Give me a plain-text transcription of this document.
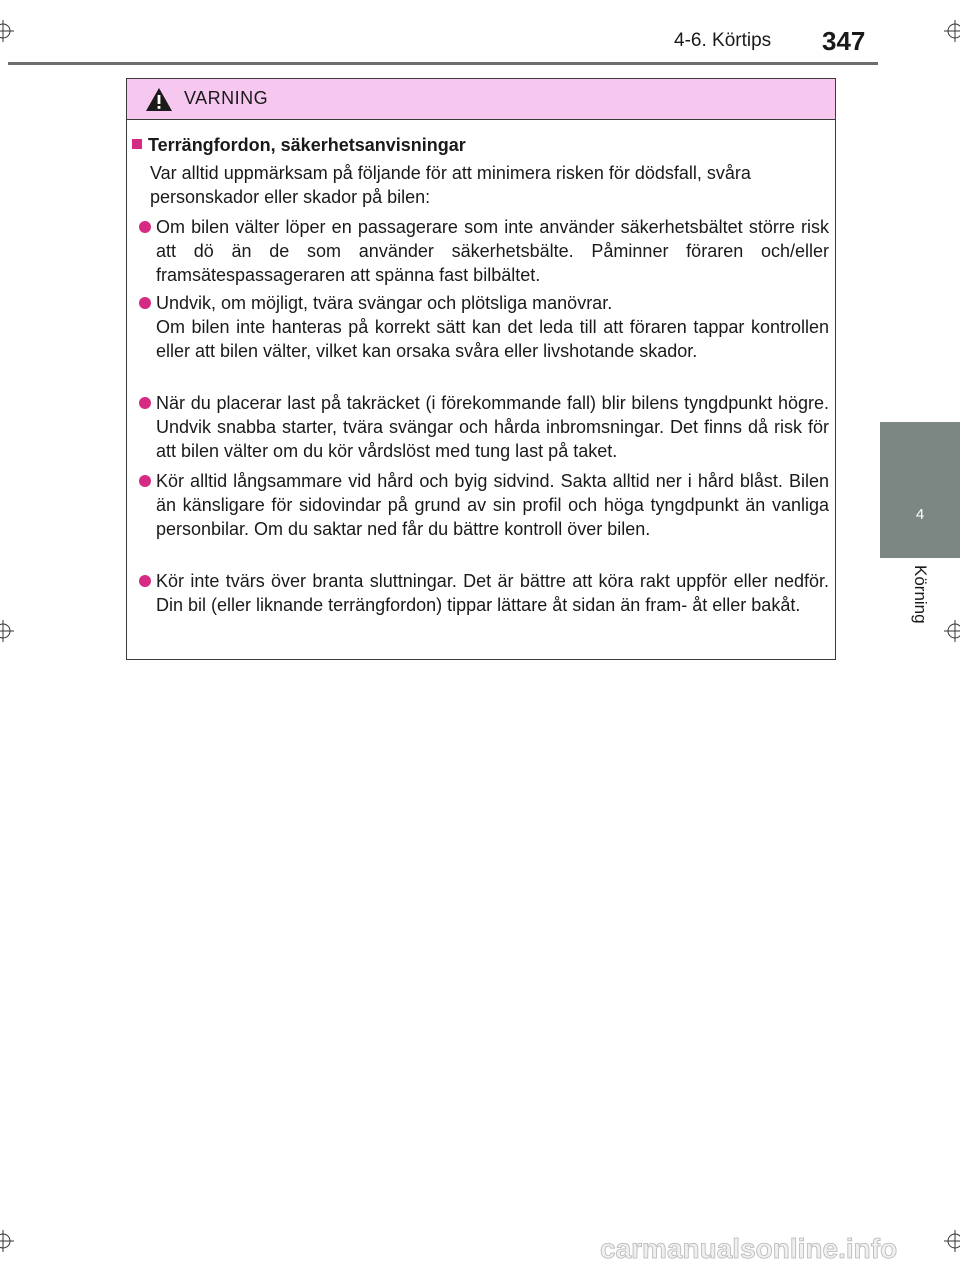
4-6. Körtips 347
4
Körning
VARNING
Terrängfordon, säkerhetsanvisningar
Var alltid uppmärksam på följande för att minimera risken för dödsfall, svåra personskador eller skador på bilen:
Om bilen välter löper en passagerare som inte använder säkerhetsbältet större risk att dö än de som använder säkerhetsbälte. Påminner föraren och/eller framsätespassageraren att spänna fast bilbältet.
Undvik, om möjligt, tvära svängar och plötsliga manövrar.
Om bilen inte hanteras på korrekt sätt kan det leda till att föraren tappar kontrollen eller att bilen välter, vilket kan orsaka svåra eller livshotande skador.
När du placerar last på takräcket (i förekommande fall) blir bilens tyngdpunkt högre. Undvik snabba starter, tvära svängar och hårda inbromsningar. Det finns då risk för att bilen välter om du kör vårdslöst med tung last på taket.
Kör alltid långsammare vid hård och byig sidvind. Sakta alltid ner i hård blåst. Bilen än känsligare för sidovindar på grund av sin profil och höga tyngdpunkt än vanliga personbilar. Om du saktar ned får du bättre kontroll över bilen.
Kör inte tvärs över branta sluttningar. Det är bättre att köra rakt uppför eller nedför. Din bil (eller liknande terrängfordon) tippar lättare åt sidan än fram- åt eller bakåt.
carmanualsonline.info
